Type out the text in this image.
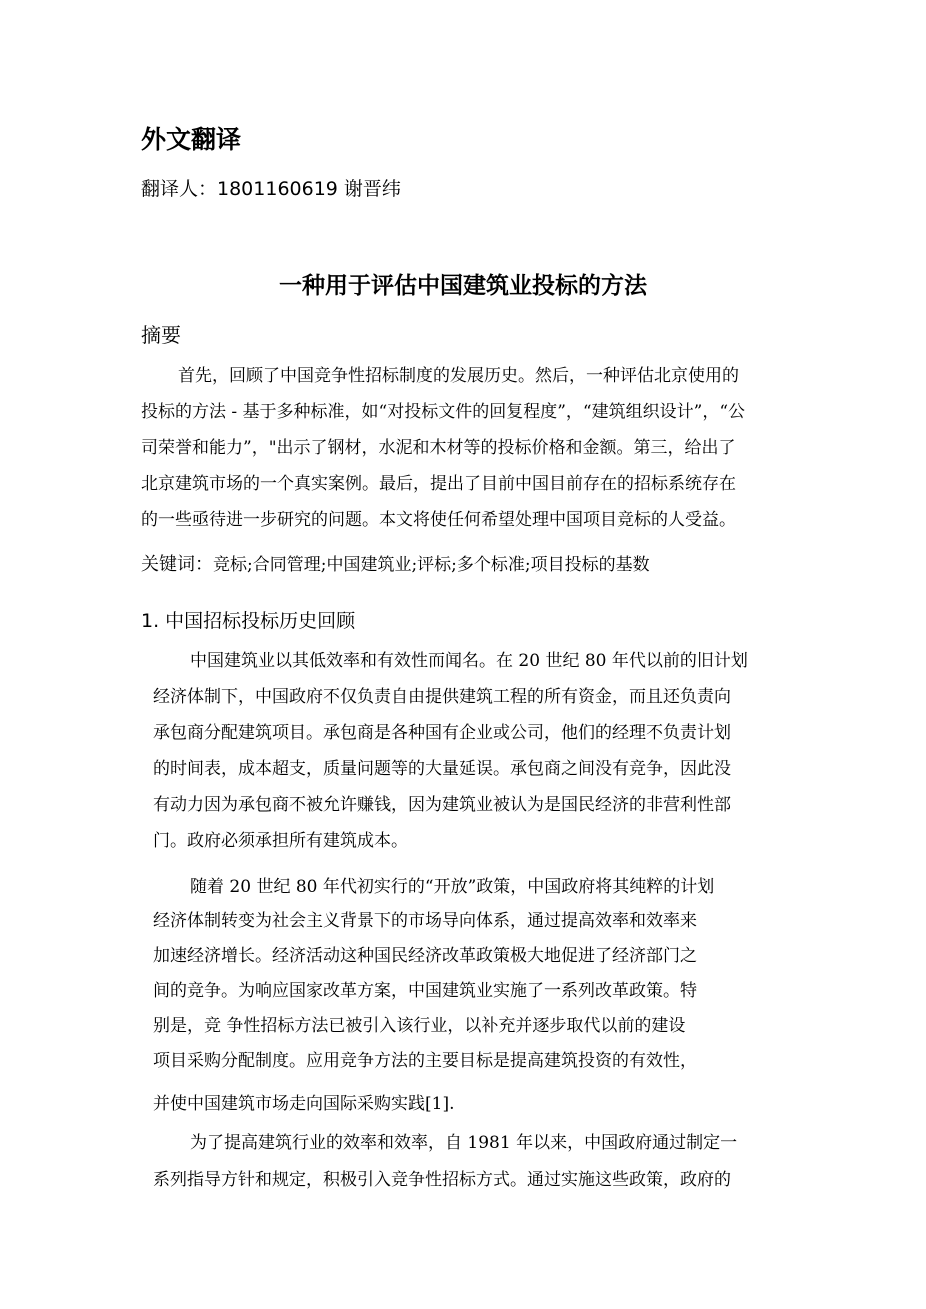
外文翻译
翻译人：1801160619 谢晋纬
一种用于评估中国建筑业投标的方法
摘要
首先，回顾了中国竞争性招标制度的发展历史。然后，一种评估北京使用的
投标的方法 - 基于多种标准，如“对投标文件的回复程度”，“建筑组织设计”，“公
司荣誉和能力”，"出示了钢材，水泥和木材等的投标价格和金额。第三，给出了
北京建筑市场的一个真实案例。最后，提出了目前中国目前存在的招标系统存在
的一些亟待进一步研究的问题。本文将使任何希望处理中国项目竞标的人受益。
关键词：竞标;合同管理;中国建筑业;评标;多个标准;项目投标的基数
1. 中国招标投标历史回顾
中国建筑业以其低效率和有效性而闻名。在 20 世纪 80 年代以前的旧计划
经济体制下，中国政府不仅负责自由提供建筑工程的所有资金，而且还负责向
承包商分配建筑项目。承包商是各种国有企业或公司，他们的经理不负责计划
的时间表，成本超支，质量问题等的大量延误。承包商之间没有竞争，因此没
有动力因为承包商不被允许赚钱，因为建筑业被认为是国民经济的非营利性部
门。政府必须承担所有建筑成本。
随着 20 世纪 80 年代初实行的“开放”政策，中国政府将其纯粹的计划
经济体制转变为社会主义背景下的市场导向体系，通过提高效率和效率来
加速经济增长。经济活动这种国民经济改革政策极大地促进了经济部门之
间的竞争。为响应国家改革方案，中国建筑业实施了一系列改革政策。特
别是，竞 争性招标方法已被引入该行业，以补充并逐步取代以前的建设
项目采购分配制度。应用竞争方法的主要目标是提高建筑投资的有效性，
并使中国建筑市场走向国际采购实践[1].
为了提高建筑行业的效率和效率，自 1981 年以来，中国政府通过制定一
系列指导方针和规定，积极引入竞争性招标方式。通过实施这些政策，政府的
